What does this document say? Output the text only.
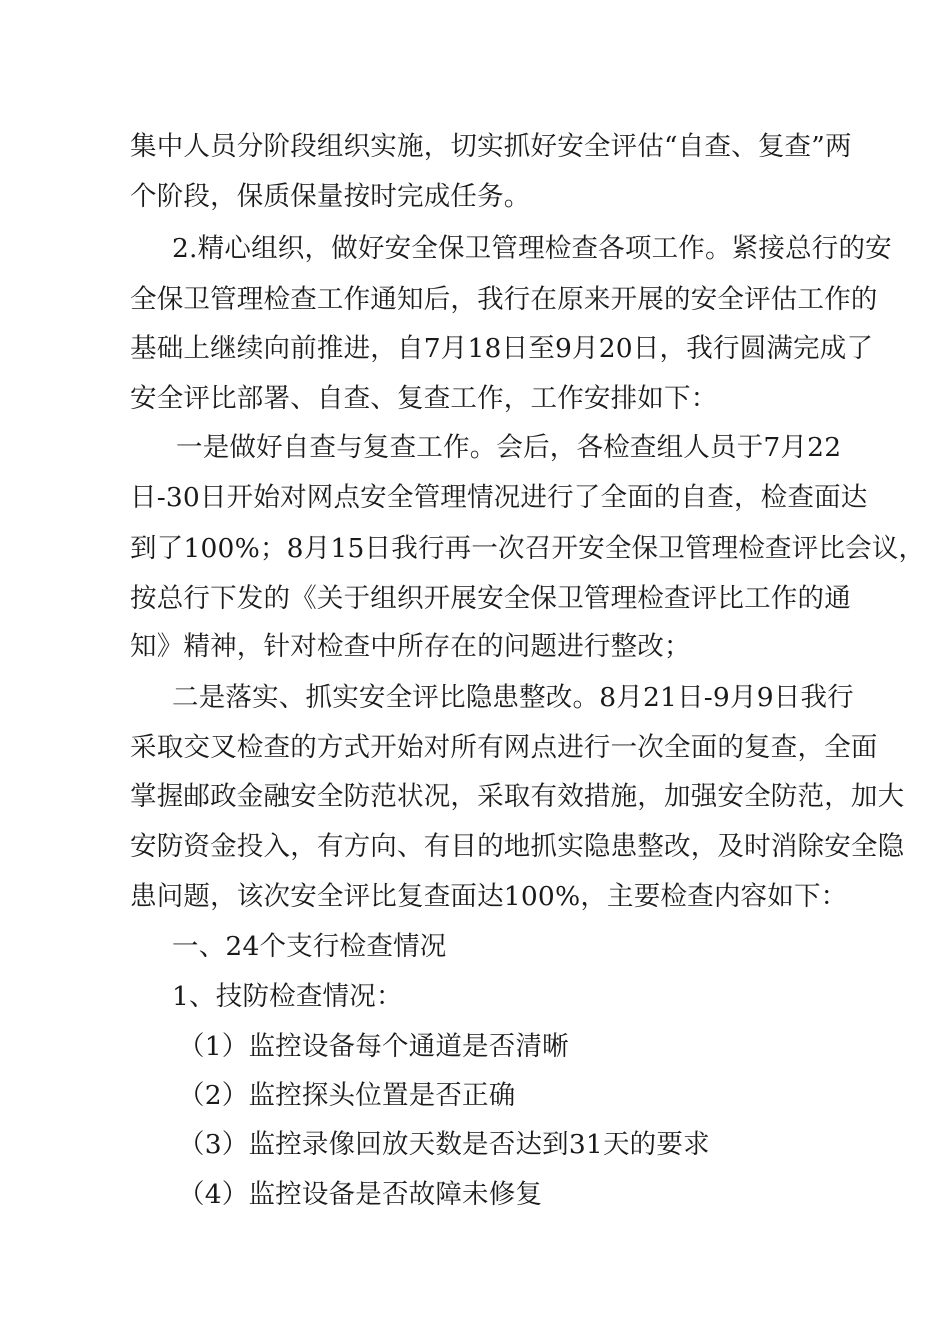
集中人员分阶段组织实施，切实抓好安全评估“自查、复查”两
个阶段，保质保量按时完成任务。
2.精心组织，做好安全保卫管理检查各项工作。紧接总行的安
全保卫管理检查工作通知后，我行在原来开展的安全评估工作的
基础上继续向前推进，自7月18日至9月20日，我行圆满完成了
安全评比部署、自查、复查工作，工作安排如下：
一是做好自查与复查工作。会后，各检查组人员于7月22
日-30日开始对网点安全管理情况进行了全面的自查，检查面达
到了100%；8月15日我行再一次召开安全保卫管理检查评比会议，
按总行下发的《关于组织开展安全保卫管理检查评比工作的通
知》精神，针对检查中所存在的问题进行整改；
二是落实、抓实安全评比隐患整改。8月21日-9月9日我行
采取交叉检查的方式开始对所有网点进行一次全面的复查，全面
掌握邮政金融安全防范状况，采取有效措施，加强安全防范，加大
安防资金投入，有方向、有目的地抓实隐患整改，及时消除安全隐
患问题，该次安全评比复查面达100%，主要检查内容如下：
一、24个支行检查情况
1、技防检查情况：
（1）监控设备每个通道是否清晰
（2）监控探头位置是否正确
（3）监控录像回放天数是否达到31天的要求
（4）监控设备是否故障未修复
